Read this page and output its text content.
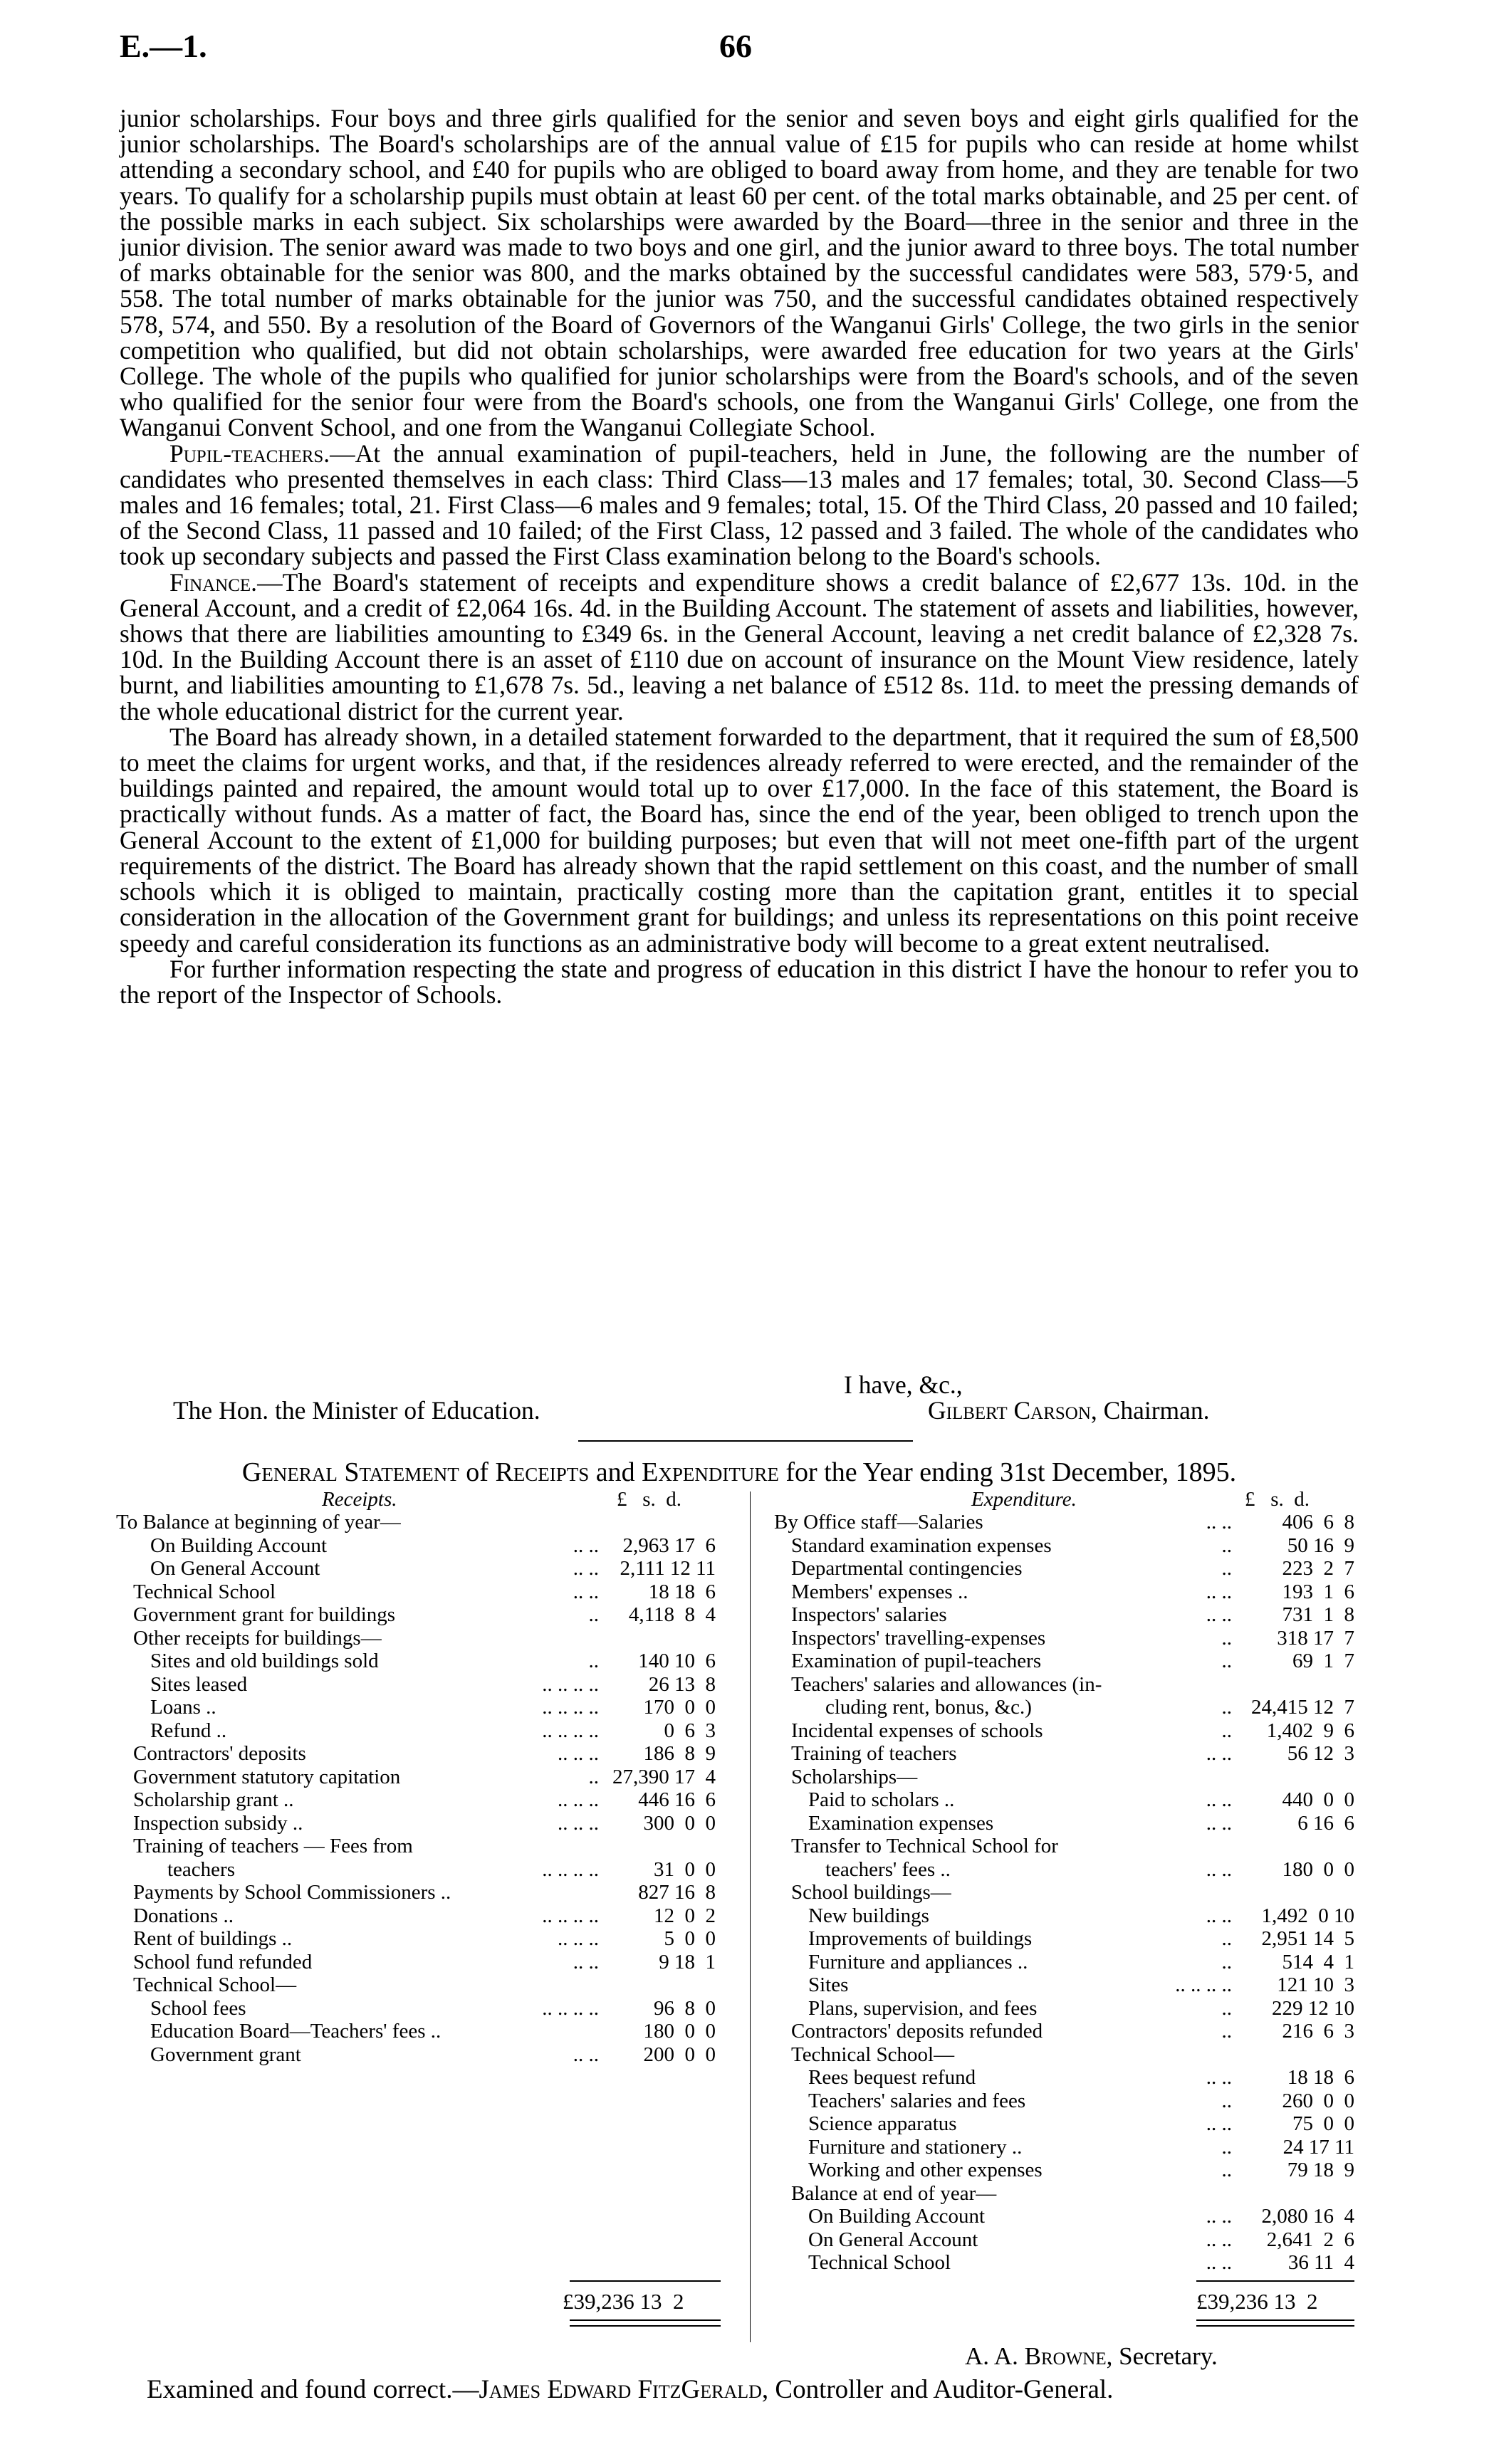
E.—1.	66

junior scholarships. Four boys and three girls qualified for the senior and seven boys and eight girls qualified for the junior scholarships. The Board's scholarships are of the annual value of £15 for pupils who can reside at home whilst attending a secondary school, and £40 for pupils who are obliged to board away from home, and they are tenable for two years. To qualify for a scholarship pupils must obtain at least 60 per cent. of the total marks obtainable, and 25 per cent. of the possible marks in each subject. Six scholarships were awarded by the Board—three in the senior and three in the junior division. The senior award was made to two boys and one girl, and the junior award to three boys. The total number of marks obtainable for the senior was 800, and the marks obtained by the successful candidates were 583, 579·5, and 558. The total number of marks obtainable for the junior was 750, and the successful candidates obtained respectively 578, 574, and 550. By a resolution of the Board of Governors of the Wanganui Girls' College, the two girls in the senior competition who qualified, but did not obtain scholarships, were awarded free education for two years at the Girls' College. The whole of the pupils who qualified for junior scholarships were from the Board's schools, and of the seven who qualified for the senior four were from the Board's schools, one from the Wanganui Girls' College, one from the Wanganui Convent School, and one from the Wanganui Collegiate School.

Pupil-teachers.—At the annual examination of pupil-teachers, held in June, the following are the number of candidates who presented themselves in each class: Third Class—13 males and 17 females; total, 30. Second Class—5 males and 16 females; total, 21. First Class—6 males and 9 females; total, 15. Of the Third Class, 20 passed and 10 failed; of the Second Class, 11 passed and 10 failed; of the First Class, 12 passed and 3 failed. The whole of the candidates who took up secondary subjects and passed the First Class examination belong to the Board's schools.

Finance.—The Board's statement of receipts and expenditure shows a credit balance of £2,677 13s. 10d. in the General Account, and a credit of £2,064 16s. 4d. in the Building Account. The statement of assets and liabilities, however, shows that there are liabilities amounting to £349 6s. in the General Account, leaving a net credit balance of £2,328 7s. 10d. In the Building Account there is an asset of £110 due on account of insurance on the Mount View residence, lately burnt, and liabilities amounting to £1,678 7s. 5d., leaving a net balance of £512 8s. 11d. to meet the pressing demands of the whole educational district for the current year.

The Board has already shown, in a detailed statement forwarded to the department, that it required the sum of £8,500 to meet the claims for urgent works, and that, if the residences already referred to were erected, and the remainder of the buildings painted and repaired, the amount would total up to over £17,000. In the face of this statement, the Board is practically without funds. As a matter of fact, the Board has, since the end of the year, been obliged to trench upon the General Account to the extent of £1,000 for building purposes; but even that will not meet one-fifth part of the urgent requirements of the district. The Board has already shown that the rapid settlement on this coast, and the number of small schools which it is obliged to maintain, practically costing more than the capitation grant, entitles it to special consideration in the allocation of the Government grant for buildings; and unless its representations on this point receive speedy and careful consideration its functions as an administrative body will become to a great extent neutralised.

For further information respecting the state and progress of education in this district I have the honour to refer you to the report of the Inspector of Schools.

I have, &c.,
The Hon. the Minister of Education.	Gilbert Carson, Chairman.
General Statement of Receipts and Expenditure for the Year ending 31st December, 1895.
Receipts.	£   s.  d.	Expenditure.	£   s.  d.
To Balance at beginning of year—
On Building Account	.. .. 2,963 17  6
On General Account	.. .. 2,111 12 11
Technical School	.. .. 18 18  6
Government grant for buildings	.. 4,118  8  4
Other receipts for buildings—
Sites and old buildings sold	.. 140 10  6
Sites leased	.. .. .. .. 26 13  8
Loans ..	.. .. .. .. 170  0  0
Refund ..	.. .. .. ..	0  6  3
Contractors' deposits	.. .. .. 186  8  9
Government statutory capitation	.. 27,390 17  4
Scholarship grant ..	.. .. .. 446 16  6
Inspection subsidy ..	.. .. .. 300  0  0
Training of teachers — Fees from
teachers	.. .. .. ..	31  0  0
Payments by School Commissioners ..	827 16  8
Donations ..	.. .. .. ..	12  0  2
Rent of buildings ..	.. .. ..	5  0  0
School fund refunded	.. ..	9 18  1
Technical School—
School fees	.. .. .. ..	96  8  0
Education Board—Teachers' fees ..	180  0  0
Government grant	.. .. 200  0  0
By Office staff—Salaries	.. .. 406  6  8
Standard examination expenses	..	50 16  9
Departmental contingencies	.. 223  2  7
Members' expenses ..	.. .. 193  1  6
Inspectors' salaries	.. .. 731  1  8
Inspectors' travelling-expenses	.. 318 17  7
Examination of pupil-teachers	..	69  1  7
Teachers' salaries and allowances (in-
cluding rent, bonus, &c.)	.. 24,415 12  7
Incidental expenses of schools	.. 1,402  9  6
Training of teachers	.. ..	56 12  3
Scholarships—
Paid to scholars ..	.. .. 440  0  0
Examination expenses	.. ..	6 16  6
Transfer to Technical School for
teachers' fees ..	.. .. 180  0  0
School buildings—
New buildings	.. .. 1,492  0 10
Improvements of buildings	.. 2,951 14  5
Furniture and appliances ..	.. 514  4  1
Sites	.. .. .. .. 121 10  3
Plans, supervision, and fees	.. 229 12 10
Contractors' deposits refunded	.. 216  6  3
Technical School—
Rees bequest refund	.. ..	18 18  6
Teachers' salaries and fees	.. 260  0  0
Science apparatus	.. ..	75  0  0
Furniture and stationery ..	.. 24 17 11
Working and other expenses	..	79 18  9
Balance at end of year—
On Building Account	.. .. 2,080 16  4
On General Account	.. .. 2,641  2  6
Technical School	.. ..	36 11  4
£39,236 13  2	£39,236 13  2
A. A. Browne, Secretary.
Examined and found correct.—James Edward FitzGerald, Controller and Auditor-General.
